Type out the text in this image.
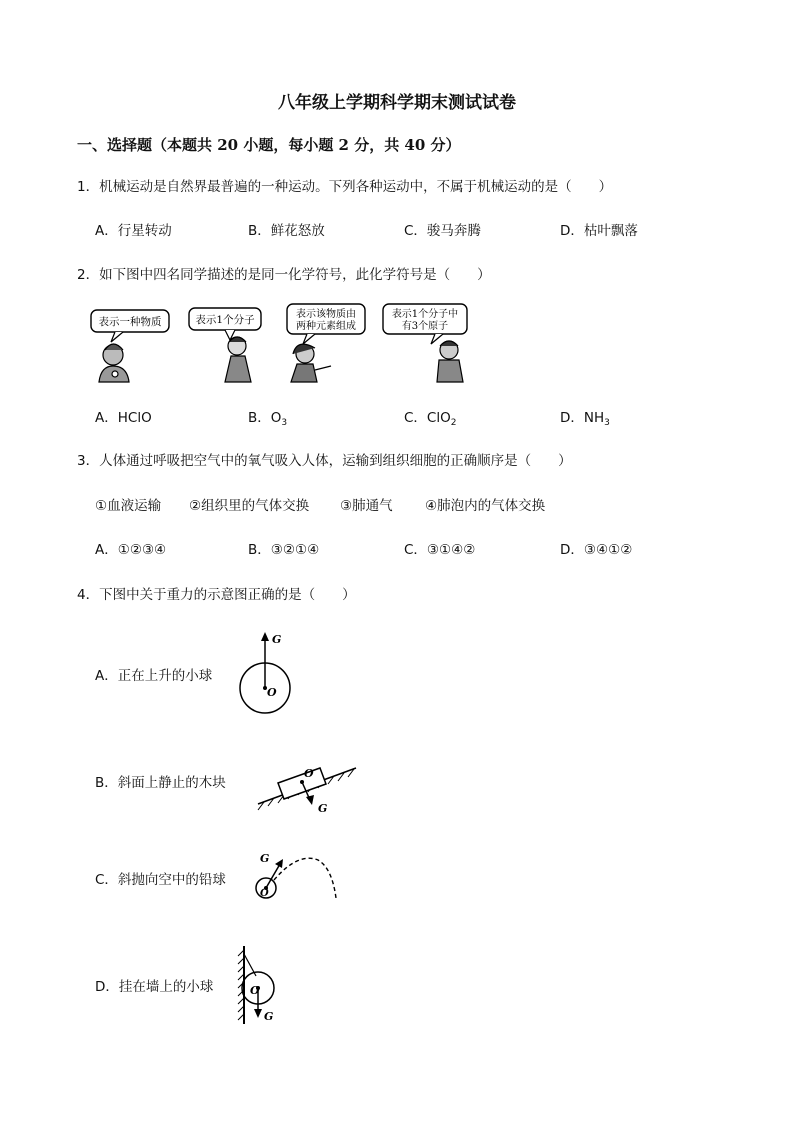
八年级上学期科学期末测试试卷
一、选择题（本题共 20 小题，每小题 2 分，共 40 分）
1．机械运动是自然界最普遍的一种运动。下列各种运动中，不属于机械运动的是（　　）
A．行星转动	B．鲜花怒放	C．骏马奔腾	D．枯叶飘落
2．如下图中四名同学描述的是同一化学符号，此化学符号是（　　）
表示一种物质	表示1个分子	表示该物质由
两种元素组成
表示1个分子中
有3个原子
A．HClO	B．$O_3$	C．ClO$_2$	D．$NH_3$
3．人体通过呼吸把空气中的氧气吸入人体，运输到组织细胞的正确顺序是（　　）
①血液运输 ②组织里的气体交换 ③肺通气 ④肺泡内的气体交换
A．①②③④	B．③②①④	C．③①④②	D．③④①②
4．下图中关于重力的示意图正确的是（　　）
A．正在上升的小球
G
O
B．斜面上静止的木块
O
G
C．斜抛向空中的铅球
G
O
D．挂在墙上的小球	O
G
